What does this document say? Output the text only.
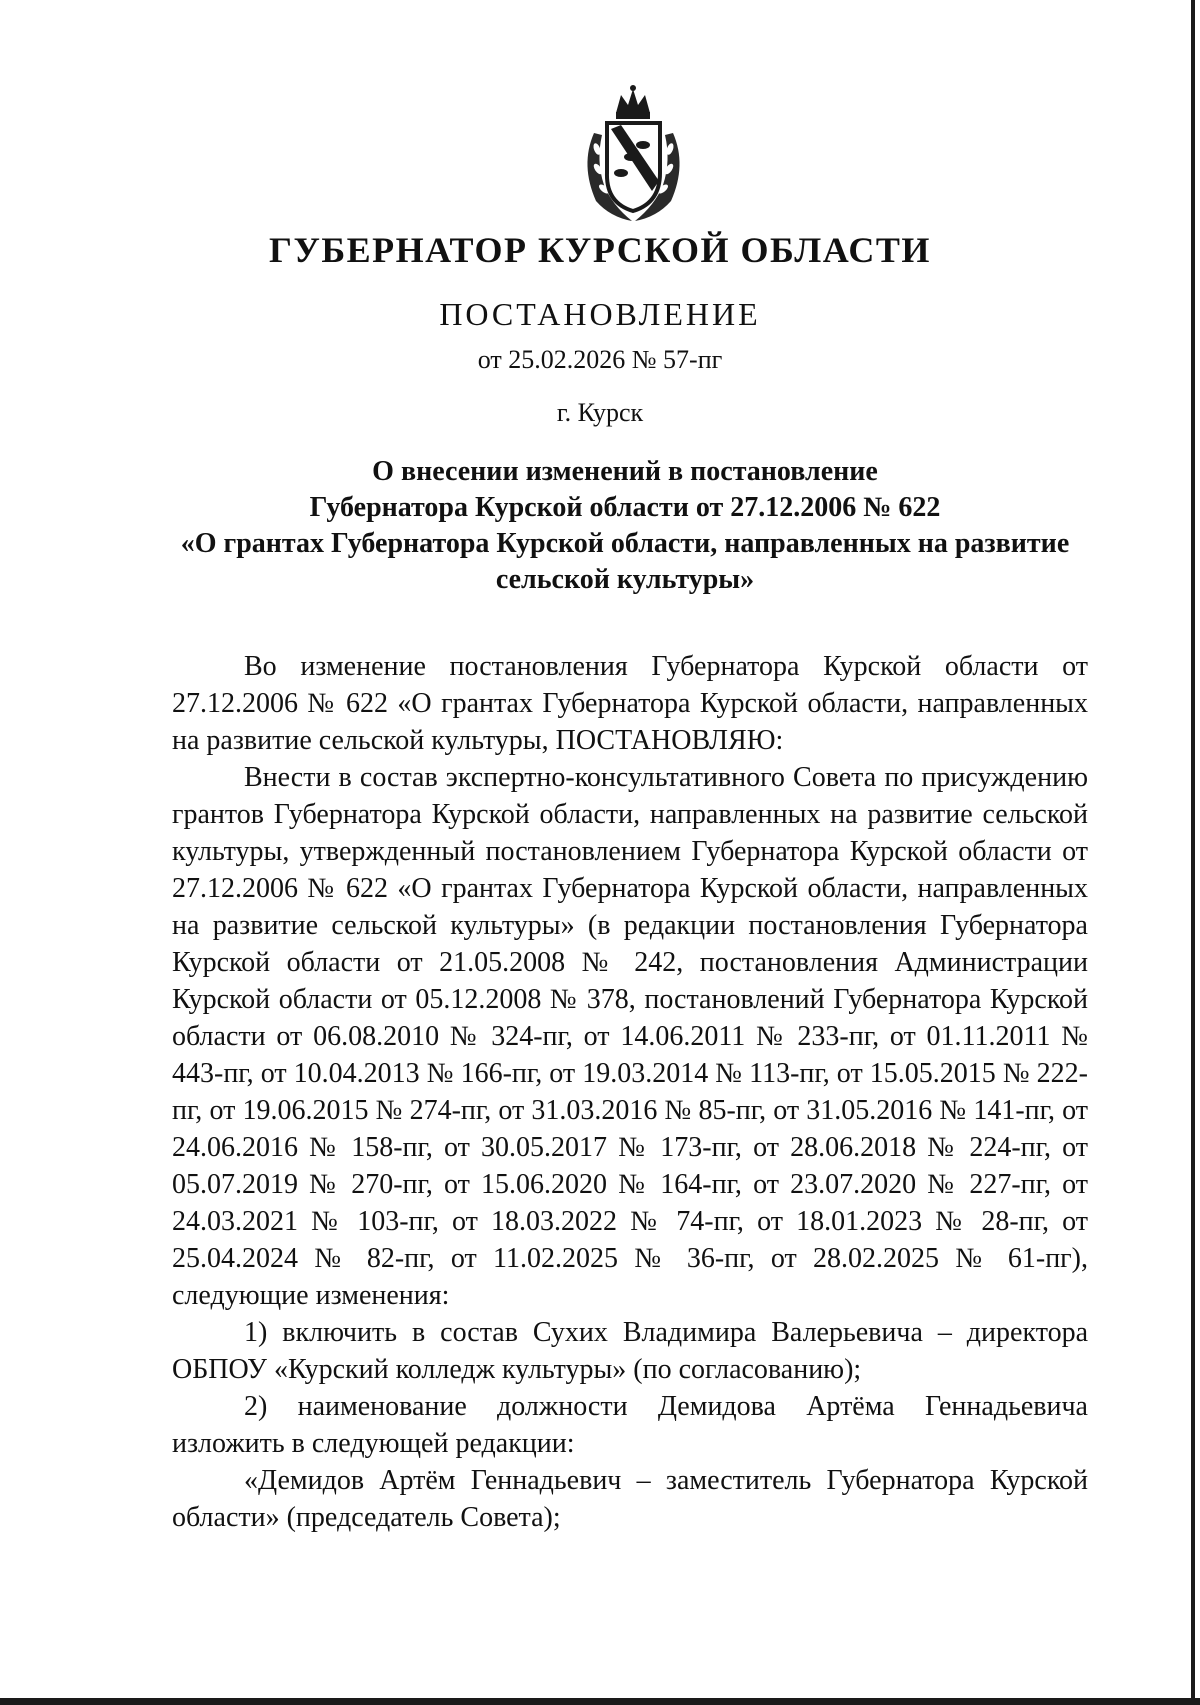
ГУБЕРНАТОР КУРСКОЙ ОБЛАСТИ
ПОСТАНОВЛЕНИЕ
от 25.02.2026 № 57-пг
г. Курск
О внесении изменений в постановление
Губернатора Курской области от 27.12.2006 № 622
«О грантах Губернатора Курской области, направленных на развитие
сельской культуры»

Во изменение постановления Губернатора Курской области от 27.12.2006 № 622 «О грантах Губернатора Курской области, направленных на развитие сельской культуры, ПОСТАНОВЛЯЮ:

Внести в состав экспертно-консультативного Совета по присуждению грантов Губернатора Курской области, направленных на развитие сельской культуры, утвержденный постановлением Губернатора Курской области от 27.12.2006 № 622 «О грантах Губернатора Курской области, направленных на развитие сельской культуры» (в редакции постановления Губернатора Курской области от 21.05.2008 № 242, постановления Администрации Курской области от 05.12.2008 № 378, постановлений Губернатора Курской области от 06.08.2010 № 324-пг, от 14.06.2011 № 233-пг, от 01.11.2011 № 443-пг, от 10.04.2013 № 166-пг, от 19.03.2014 № 113-пг, от 15.05.2015 № 222-пг, от 19.06.2015 № 274-пг, от 31.03.2016 № 85-пг, от 31.05.2016 № 141-пг, от 24.06.2016 № 158-пг, от 30.05.2017 № 173-пг, от 28.06.2018 № 224-пг, от 05.07.2019 № 270-пг, от 15.06.2020 № 164-пг, от 23.07.2020 № 227-пг, от 24.03.2021 № 103-пг, от 18.03.2022 № 74-пг, от 18.01.2023 № 28-пг, от 25.04.2024 № 82-пг, от 11.02.2025 № 36-пг, от 28.02.2025 № 61-пг), следующие изменения:

1) включить в состав Сухих Владимира Валерьевича – директора ОБПОУ «Курский колледж культуры» (по согласованию);

2) наименование должности Демидова Артёма Геннадьевича изложить в следующей редакции:

«Демидов Артём Геннадьевич – заместитель Губернатора Курской области» (председатель Совета);
